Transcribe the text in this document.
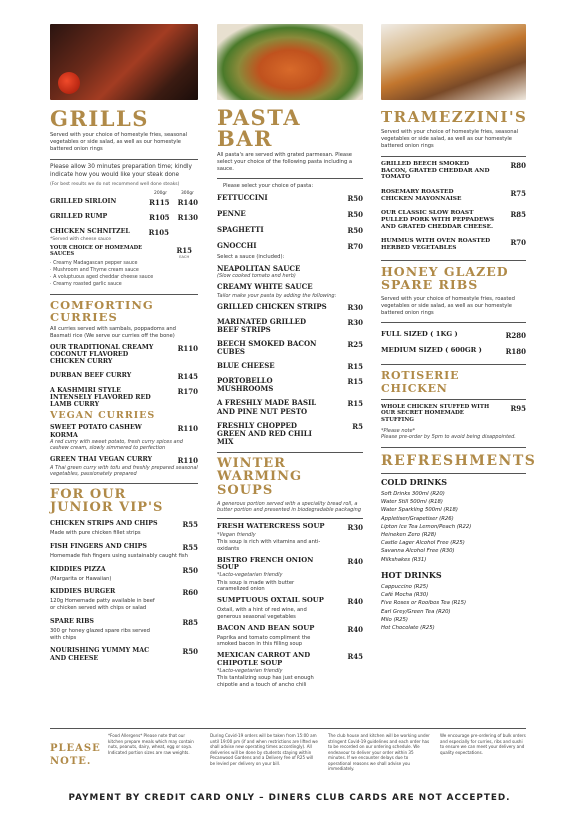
GRILLS
Served with your choice of homestyle fries, seasonal vegetables or side salad, as well as our homestyle battered onion rings
Please allow 30 minutes preparation time; kindly indicate how you would like your steak done
(For best results we do not recommend well done steaks)
200gr	300gr
GRILLED SIRLOIN	R115 R140
GRILLED RUMP	R105 R130
CHICKEN SCHNITZEL	R105
*Served with cheese sauce
YOUR CHOICE OF HOMEMADE SAUCES	R15
EACH
· Creamy Madagascan pepper sauce
· Mushroom and Thyme cream sauce
· A voluptuous aged cheddar cheese sauce
· Creamy roasted garlic sauce
COMFORTING CURRIES
All curries served with sambals, poppadoms and Basmati rice (We serve our curries off the bone)
OUR TRADITIONAL CREAMY COCONUT FLAVORED CHICKEN CURRY
R110
DURBAN BEEF CURRY	R145
A KASHMIRI STYLE INTENSELY FLAVORED RED LAMB CURRY
R170
VEGAN CURRIES
SWEET POTATO CASHEW KORMA
R110
A red curry with sweet potato, fresh curry spices and cashew cream, slowly simmered to perfection
GREEN THAI VEGAN CURRY	R110
A Thai green curry with tofu and freshly prepared seasonal vegetables, passionately prepared
FOR OUR
JUNIOR VIP'S
CHICKEN STRIPS AND CHIPS	R55
Made with pure chicken fillet strips
FISH FINGERS AND CHIPS	R55
Homemade fish fingers using sustainably caught fish
KIDDIES PIZZA	R50
(Margarita or Hawaiian)
KIDDIES BURGER	R60
120g Homemade patty available in beef or chicken served with chips or salad
SPARE RIBS	R85
300 gr honey glazed spare ribs served with chips
NOURISHING YUMMY MAC AND CHEESE
R50
PASTA BAR
All pasta's are served with grated parmesan. Please select your choice of the following pasta including a sauce.
Please select your choice of pasta:
FETTUCCINI	R50
PENNE	R50
SPAGHETTI	R50
GNOCCHI	R70
Select a sauce (included):
NEAPOLITAN SAUCE
(Slow cooked tomato and herb)
CREAMY WHITE SAUCE
Tailor make your pasta by adding the following:
GRILLED CHICKEN STRIPS	R30
MARINATED GRILLED BEEF STRIPS
R30
BEECH SMOKED BACON CUBES
R25
BLUE CHEESE	R15
PORTOBELLO MUSHROOMS
R15
A FRESHLY MADE BASIL AND PINE NUT PESTO
R15
FRESHLY CHOPPED GREEN AND RED CHILI MIX
R5
WINTER
WARMING SOUPS
A generous portion served with a speciality bread roll, a butter portion and presented in biodegradable packaging
FRESH WATERCRESS SOUP	R30
*Vegan friendly
This soup is rich with vitamins and anti-oxidants
BISTRO FRENCH ONION SOUP
R40
*Lacto-vegetarian friendly
This soup is made with butter caramelized onion
SUMPTUOUS OXTAIL SOUP	R40
Oxtail, with a hint of red wine, and generous seasonal vegetables
BACON AND BEAN SOUP	R40
Paprika and tomato compliment the smoked bacon in this filling soup
MEXICAN CARROT AND CHIPOTLE SOUP
R45
*Lacto-vegetarian friendly
This tantalizing soup has just enough chipotle and a touch of ancho chili
TRAMEZZINI'S
Served with your choice of homestyle fries, seasonal vegetables or side salad, as well as our homestyle battered onion rings
GRILLED BEECH SMOKED BACON, GRATED CHEDDAR AND TOMATO
R80
ROSEMARY ROASTED CHICKEN MAYONNAISE
R75
OUR CLASSIC SLOW ROAST PULLED PORK WITH PEPPADEWS AND GRATED CHEDDAR CHEESE.
R85
HUMMUS WITH OVEN ROASTED HERBED VEGETABLES
R70
HONEY GLAZED
SPARE RIBS
Served with your choice of homestyle fries, roasted vegetables or side salad, as well as our homestyle battered onion rings
FULL SIZED ( 1KG )	R280
MEDIUM SIZED ( 600GR )	R180
ROTISERIE CHICKEN
WHOLE CHICKEN STUFFED WITH OUR SECRET HOMEMADE STUFFING
R95
*Please note*
Please pre-order by 5pm to avoid being disappointed.
REFRESHMENTS
COLD DRINKS
Soft Drinks 300ml (R20)
Water Still 500ml (R18)
Water Sparkling 500ml (R18)
Appletiser/Grapetiser (R26)
Lipton Ice Tea Lemon/Peach (R22)
Heineken Zero (R28)
Castle Lager Alcohol Free (R25)
Savanna Alcohol Free (R30)
Milkshakes (R31)
HOT DRINKS
Cappuccino (R25)
Café Mocha (R30)
Five Roses or Rooibos Tea (R15)
Earl Grey/Green Tea (R20)
Milo (R25)
Hot Chocolate (R25)
PLEASE NOTE.
*Food Allergens* Please note that our kitchen prepare meals which may contain nuts, peanuts, dairy, wheat, egg or soya. Indicated portion sizes are raw weights.
During Covid-19 orders will be taken from 15:00 am until 19:00 pm (if and when restrictions are lifted we shall advise new operating times accordingly). All deliveries will be done by students staying within Pecanwood Gardens and a Delivery fee of R25 will be levied per delivery on your bill.
The club house and kitchen will be working under stringent Covid-19 guidelines and each order has to be recorded on our ordering schedule. We endeavour to deliver your order within 35 minutes. If we encounter delays due to operational reasons we shall advise you immediately.
We encourage pre-ordering of bulk orders and especially for curries, ribs and sushi to ensure we can meet your delivery and quality expectations.
PAYMENT BY CREDIT CARD ONLY – DINERS CLUB CARDS ARE NOT ACCEPTED.
